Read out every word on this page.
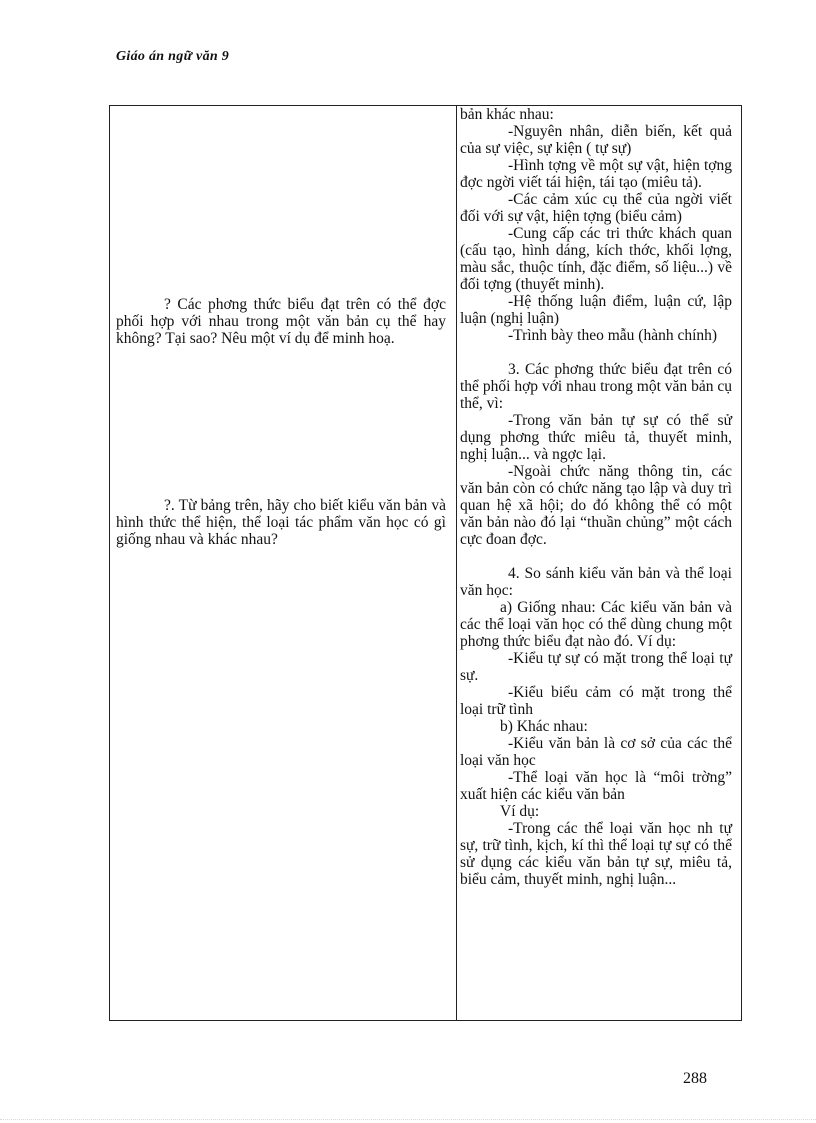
Giáo án ngữ văn 9
? Các phơng thức biểu đạt trên có thể đợc phối hợp với nhau trong một văn bản cụ thể hay không? Tại sao? Nêu một ví dụ để minh hoạ.
?. Từ bảng trên, hãy cho biết kiểu văn bản và hình thức thể hiện, thể loại tác phẩm văn học có gì giống nhau và khác nhau?

bản khác nhau:

-Nguyên nhân, diễn biến, kết quả của sự việc, sự kiện ( tự sự)

-Hình tợng về một sự vật, hiện tợng đợc ngời viết tái hiện, tái tạo (miêu tả).

-Các cảm xúc cụ thể của ngời viết đối với sự vật, hiện tợng (biểu cảm)

-Cung cấp các tri thức khách quan (cấu tạo, hình dáng, kích thớc, khối lợng, màu sắc, thuộc tính, đặc điểm, số liệu...) về đối tợng (thuyết minh).

-Hệ thống luận điểm, luận cứ, lập luận (nghị luận)

-Trình bày theo mẫu (hành chính)

3. Các phơng thức biểu đạt trên có thể phối hợp với nhau trong một văn bản cụ thể, vì:

-Trong văn bản tự sự có thể sử dụng phơng thức miêu tả, thuyết minh, nghị luận... và ngợc lại.

-Ngoài chức năng thông tin, các văn bản còn có chức năng tạo lập và duy trì quan hệ xã hội; do đó không thể có một văn bản nào đó lại “thuần chủng” một cách cực đoan đợc.

4. So sánh kiểu văn bản và thể loại văn học:

a) Giống nhau: Các kiểu văn bản và các thể loại văn học có thể dùng chung một phơng thức biểu đạt nào đó. Ví dụ:

-Kiểu tự sự có mặt trong thể loại tự sự.

-Kiểu biểu cảm có mặt trong thể loại trữ tình

b) Khác nhau:

-Kiểu văn bản là cơ sở của các thể loại văn học

-Thể loại văn học là “môi trờng” xuất hiện các kiểu văn bản

Ví dụ:

-Trong các thể loại văn học nh tự sự, trữ tình, kịch, kí thì thể loại tự sự có thể sử dụng các kiểu văn bản tự sự, miêu tả, biểu cảm, thuyết minh, nghị luận...

288
